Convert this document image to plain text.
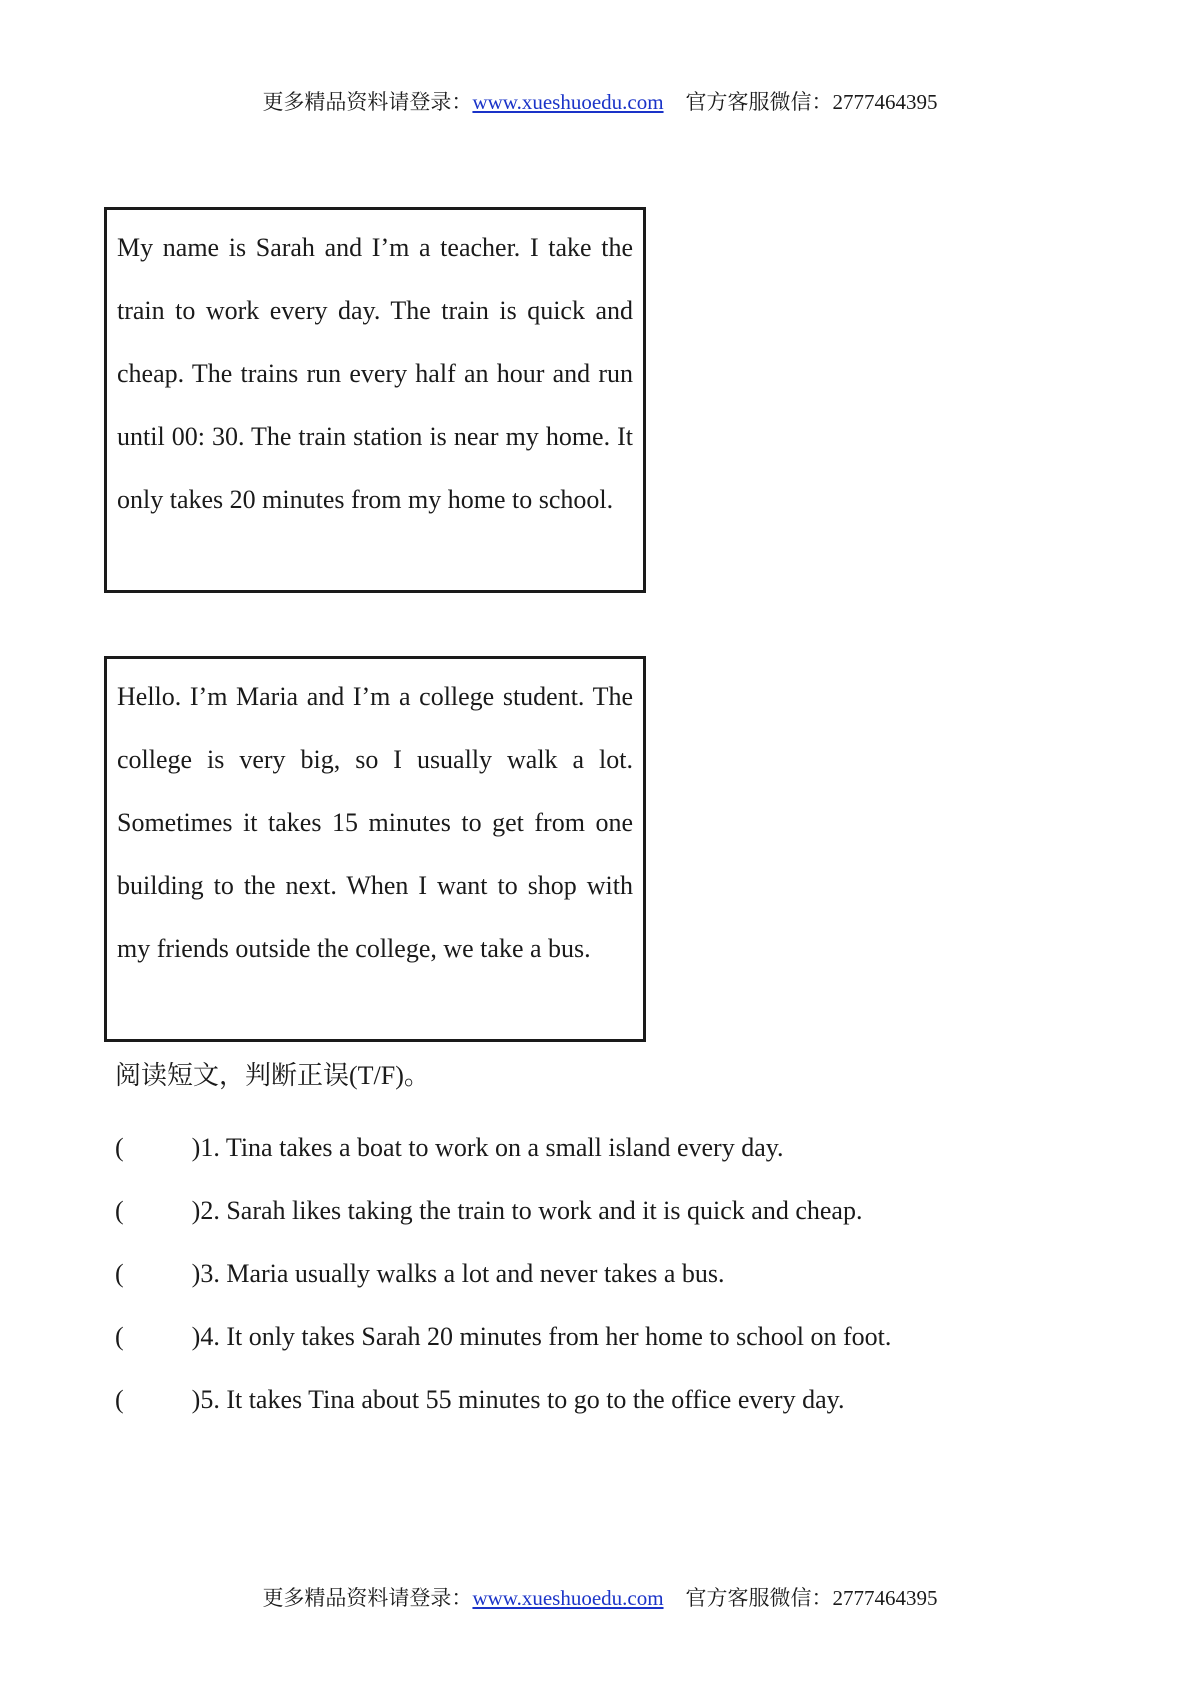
更多精品资料请登录：www.xueshuoedu.com 官方客服微信：2777464395

My name is Sarah and I’m a teacher. I take the train to work every day. The train is quick and cheap. The trains run every half an hour and run until 00: 30. The train station is near my home. It only takes 20 minutes from my home to school.

Hello. I’m Maria and I’m a college student. The college is very big, so I usually walk a lot. Sometimes it takes 15 minutes to get from one building to the next. When I want to shop with my friends outside the college, we take a bus.

阅读短文，判断正误(T/F)。
(	)1. Tina takes a boat to work on a small island every day.
(	)2. Sarah likes taking the train to work and it is quick and cheap.
(	)3. Maria usually walks a lot and never takes a bus.
(	)4. It only takes Sarah 20 minutes from her home to school on foot.
(	)5. It takes Tina about 55 minutes to go to the office every day.
更多精品资料请登录：www.xueshuoedu.com 官方客服微信：2777464395
